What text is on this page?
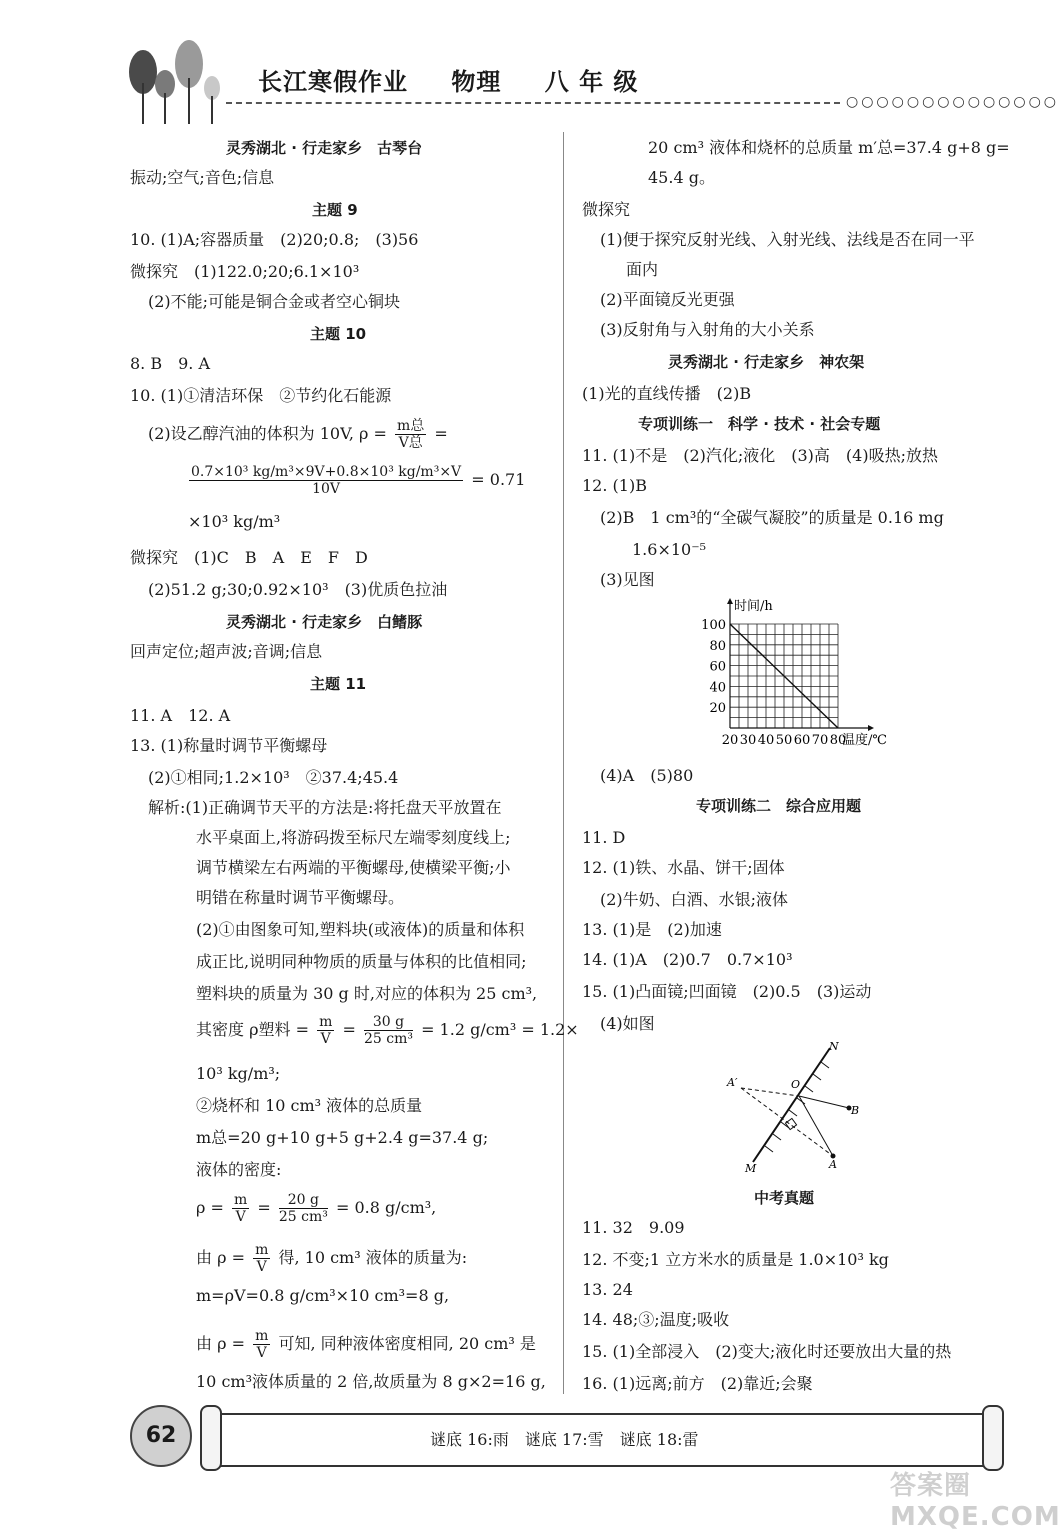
长江寒假作业 物理 八 年 级
○○○○○○○○○○○○○○
灵秀湖北 · 行走家乡　古琴台
振动;空气;音色;信息
主题 9
10. (1)A;容器质量　(2)20;0.8;　(3)56
微探究　(1)122.0;20;6.1×10³
(2)不能;可能是铜合金或者空心铜块
主题 10
8. B　9. A
10. (1)①清洁环保　②节约化石能源
×10³ kg/m³
微探究　(1)C　B　A　E　F　D
(2)51.2 g;30;0.92×10³　(3)优质色拉油
灵秀湖北 · 行走家乡　白鳍豚
回声定位;超声波;音调;信息
主题 11
11. A　12. A
13. (1)称量时调节平衡螺母
(2)①相同;1.2×10³　②37.4;45.4
解析:(1)正确调节天平的方法是:将托盘天平放置在
水平桌面上,将游码拨至标尺左端零刻度线上;
调节横梁左右两端的平衡螺母,使横梁平衡;小
明错在称量时调节平衡螺母。
(2)①由图象可知,塑料块(或液体)的质量和体积
成正比,说明同种物质的质量与体积的比值相同;
塑料块的质量为 30 g 时,对应的体积为 25 cm³,
10³ kg/m³;
②烧杯和 10 cm³ 液体的总质量
m总=20 g+10 g+5 g+2.4 g=37.4 g;
液体的密度:
m=ρV=0.8 g/cm³×10 cm³=8 g,
10 cm³液体质量的 2 倍,故质量为 8 g×2=16 g,
(2)设乙醇汽油的体积为 10V, $\rho = \frac{\text{m总}}{\text{V总}}$ =
$\frac{\text{0.7×10³ kg/m³×9V+0.8×10³ kg/m³×V}}{10V} = 0.71$
其密度 ρ塑料 = $\frac{m}{V} = \frac{30 g}{\text{25 cm³}} = 1.2$ g/cm³ = 1.2×
$\rho = \frac{m}{V} = \frac{20 g}{\text{25 cm³}} = 0.8$ g/cm³,
由 $\rho = \frac{m}{V}$ 得, 10 cm³ 液体的质量为:
由 $\rho = \frac{m}{V}$ 可知, 同种液体密度相同, 20 cm³ 是
20 cm³ 液体和烧杯的总质量 m′总=37.4 g+8 g=
45.4 g。
微探究
(1)便于探究反射光线、入射光线、法线是否在同一平
面内
(2)平面镜反光更强
(3)反射角与入射角的大小关系
灵秀湖北 · 行走家乡　神农架
(1)光的直线传播　(2)B
专项训练一　科学 · 技术 · 社会专题
11. (1)不是　(2)汽化;液化　(3)高　(4)吸热;放热
12. (1)B
(2)B　1 cm³的“全碳气凝胶”的质量是 0.16 mg
1.6×10⁻⁵
(3)见图
(4)A　(5)80
专项训练二　综合应用题
11. D
12. (1)铁、水晶、饼干;固体
(2)牛奶、白酒、水银;液体
13. (1)是　(2)加速
14. (1)A　(2)0.7　0.7×10³
15. (1)凸面镜;凹面镜　(2)0.5　(3)运动
(4)如图
中考真题
11. 32　9.09
12. 不变;1 立方米水的质量是 1.0×10³ kg
13. 24
14. 48;③;温度;吸收
15. (1)全部浸入　(2)变大;液化时还要放出大量的热
16. (1)远离;前方　(2)靠近;会聚
20 30 40 50 60 70 80
20
40
60
80
100
时间/h
温度/℃
N
A′	O
B
A
M
62	谜底 16:雨　谜底 17:雪　谜底 18:雷
答案圈 MXQE.COM
